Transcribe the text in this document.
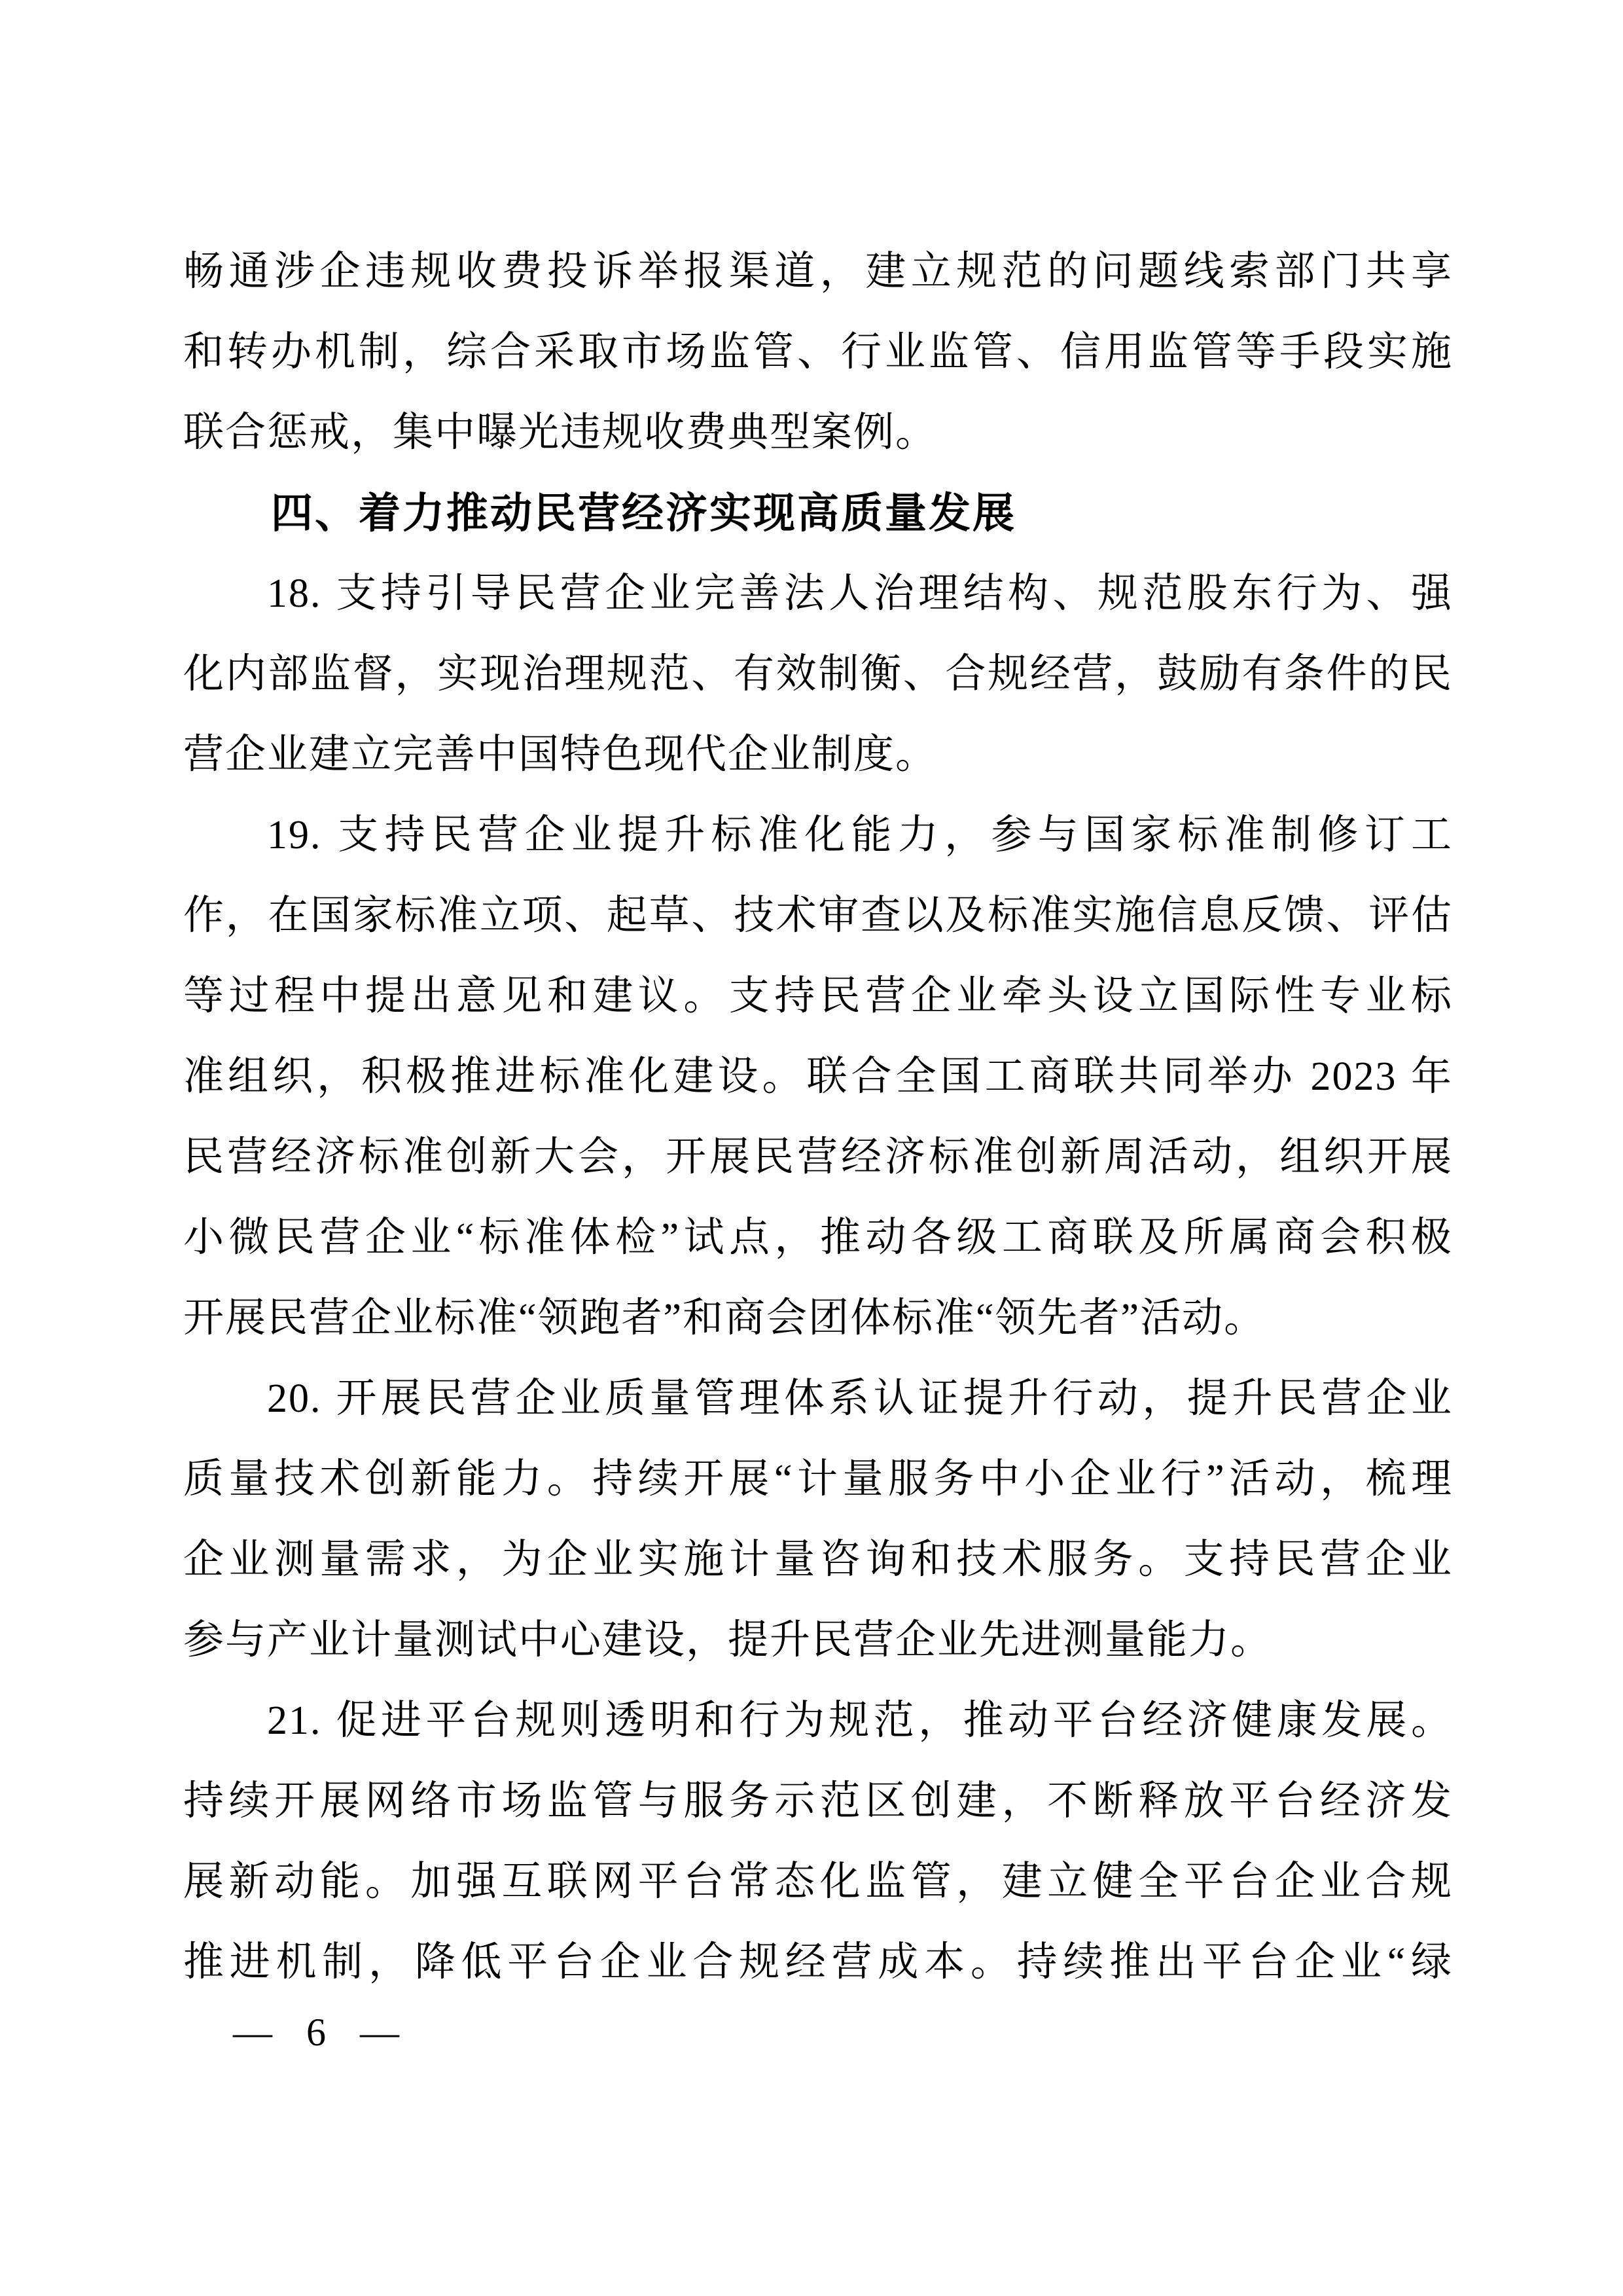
畅通涉企违规收费投诉举报渠道，建立规范的问题线索部门共享
和转办机制，综合采取市场监管、行业监管、信用监管等手段实施
联合惩戒，集中曝光违规收费典型案例。
四、着力推动民营经济实现高质量发展
18. 支持引导民营企业完善法人治理结构、规范股东行为、强
化内部监督，实现治理规范、有效制衡、合规经营，鼓励有条件的民
营企业建立完善中国特色现代企业制度。
19. 支持民营企业提升标准化能力，参与国家标准制修订工
作，在国家标准立项、起草、技术审查以及标准实施信息反馈、评估
等过程中提出意见和建议。支持民营企业牵头设立国际性专业标
准组织，积极推进标准化建设。联合全国工商联共同举办 2023 年
民营经济标准创新大会，开展民营经济标准创新周活动，组织开展
小微民营企业“标准体检”试点，推动各级工商联及所属商会积极
开展民营企业标准“领跑者”和商会团体标准“领先者”活动。
20. 开展民营企业质量管理体系认证提升行动，提升民营企业
质量技术创新能力。持续开展“计量服务中小企业行”活动，梳理
企业测量需求，为企业实施计量咨询和技术服务。支持民营企业
参与产业计量测试中心建设，提升民营企业先进测量能力。
21. 促进平台规则透明和行为规范，推动平台经济健康发展。
持续开展网络市场监管与服务示范区创建，不断释放平台经济发
展新动能。加强互联网平台常态化监管，建立健全平台企业合规
推进机制，降低平台企业合规经营成本。持续推出平台企业“绿
— 6 —
